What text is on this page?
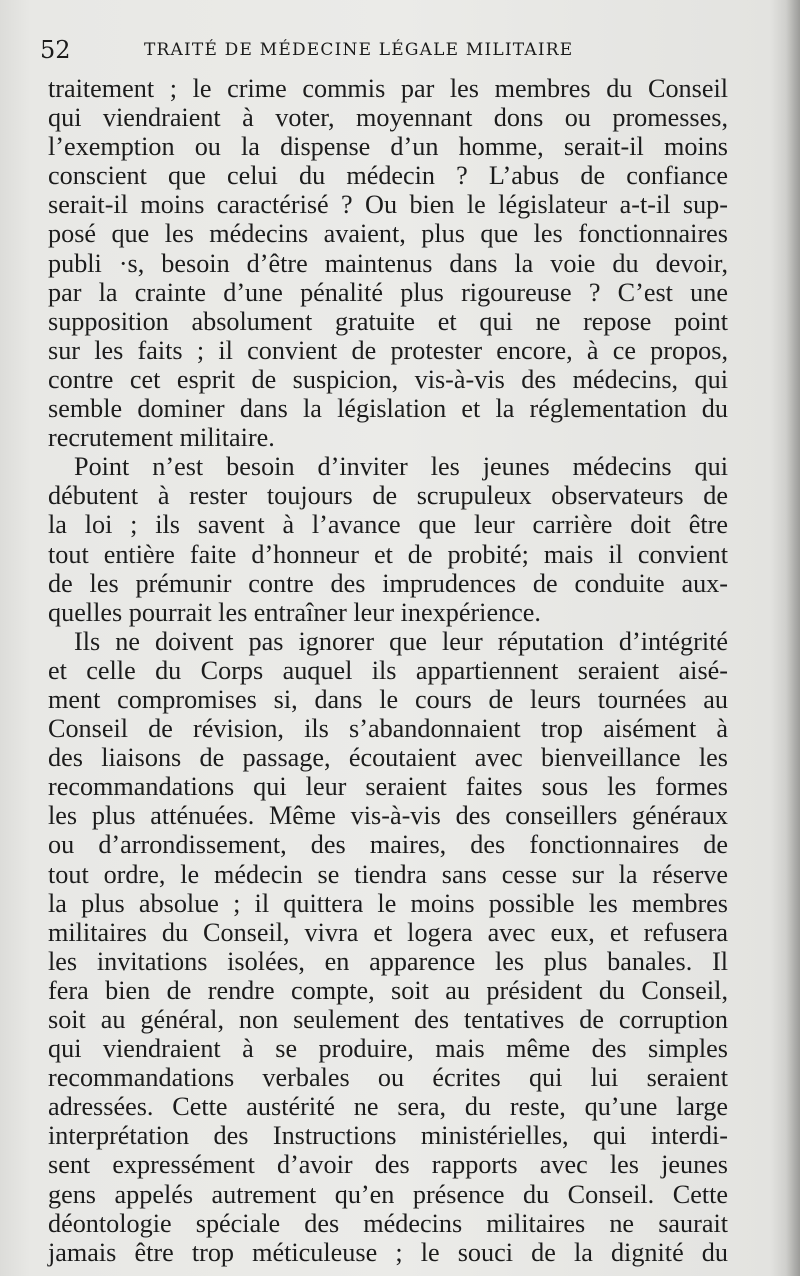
52	TRAITÉ DE MÉDECINE LÉGALE MILITAIRE
traitement ; le crime commis par les membres du Conseil
qui viendraient à voter, moyennant dons ou promesses,
l’exemption ou la dispense d’un homme, serait-il moins
conscient que celui du médecin ? L’abus de confiance
serait-il moins caractérisé ? Ou bien le législateur a-t-il sup-
posé que les médecins avaient, plus que les fonctionnaires
publi ·s, besoin d’être maintenus dans la voie du devoir,
par la crainte d’une pénalité plus rigoureuse ? C’est une
supposition absolument gratuite et qui ne repose point
sur les faits ; il convient de protester encore, à ce propos,
contre cet esprit de suspicion, vis-à-vis des médecins, qui
semble dominer dans la législation et la réglementation du
recrutement militaire.
Point n’est besoin d’inviter les jeunes médecins qui
débutent à rester toujours de scrupuleux observateurs de
la loi ; ils savent à l’avance que leur carrière doit être
tout entière faite d’honneur et de probité; mais il convient
de les prémunir contre des imprudences de conduite aux-
quelles pourrait les entraîner leur inexpérience.
Ils ne doivent pas ignorer que leur réputation d’intégrité
et celle du Corps auquel ils appartiennent seraient aisé-
ment compromises si, dans le cours de leurs tournées au
Conseil de révision, ils s’abandonnaient trop aisément à
des liaisons de passage, écoutaient avec bienveillance les
recommandations qui leur seraient faites sous les formes
les plus atténuées. Même vis-à-vis des conseillers généraux
ou d’arrondissement, des maires, des fonctionnaires de
tout ordre, le médecin se tiendra sans cesse sur la réserve
la plus absolue ; il quittera le moins possible les membres
militaires du Conseil, vivra et logera avec eux, et refusera
les invitations isolées, en apparence les plus banales. Il
fera bien de rendre compte, soit au président du Conseil,
soit au général, non seulement des tentatives de corruption
qui viendraient à se produire, mais même des simples
recommandations verbales ou écrites qui lui seraient
adressées. Cette austérité ne sera, du reste, qu’une large
interprétation des Instructions ministérielles, qui interdi-
sent expressément d’avoir des rapports avec les jeunes
gens appelés autrement qu’en présence du Conseil. Cette
déontologie spéciale des médecins militaires ne saurait
jamais être trop méticuleuse ; le souci de la dignité du
